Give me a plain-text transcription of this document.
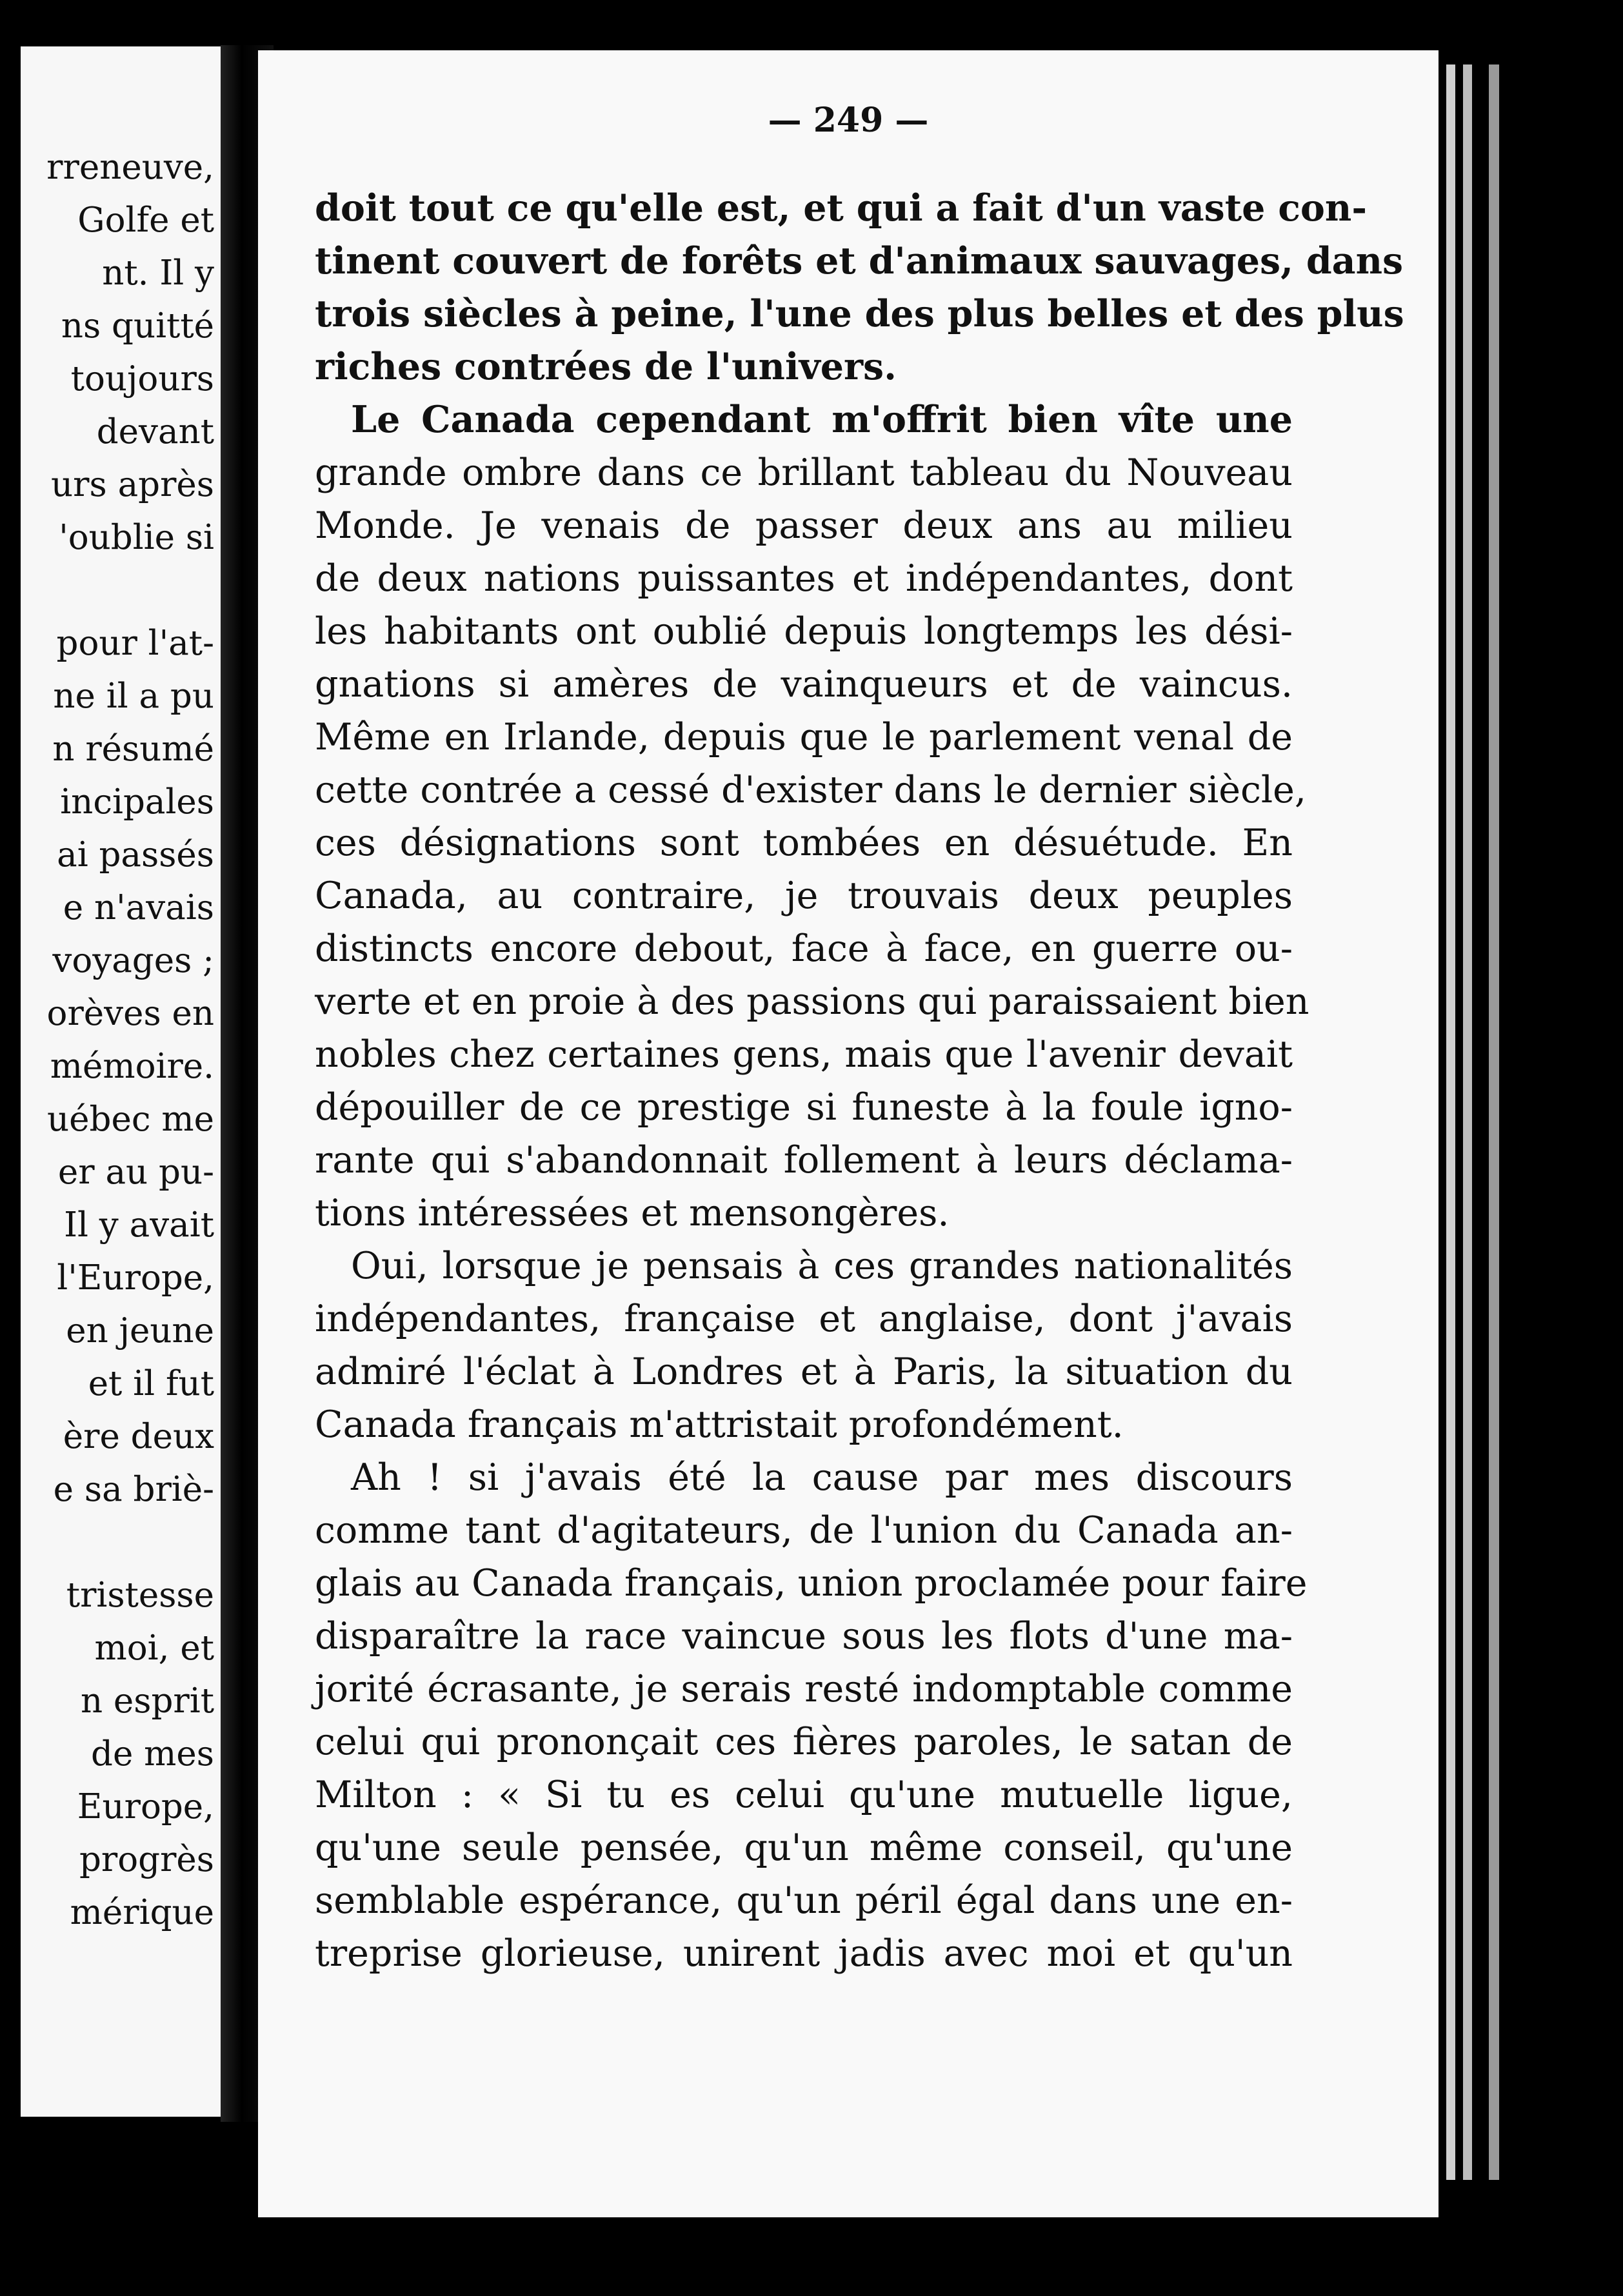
rreneuve,
Golfe et
nt. Il y
ns quitté
toujours
devant
urs après
'oublie si
pour l'at-
ne il a pu
n résumé
incipales
ai passés
e n'avais
voyages ;
orèves en
mémoire.
uébec me
er au pu-
Il y avait
l'Europe,
en jeune
et il fut
ère deux
e sa briè-
tristesse
moi, et
n esprit
de mes
Europe,
progrès
mérique
— 249 —
doit tout ce qu'elle est, et qui a fait d'un vaste con-
tinent couvert de forêts et d'animaux sauvages, dans
trois siècles à peine, l'une des plus belles et des plus
riches contrées de l'univers.
Le Canada cependant m'offrit bien vîte une
grande ombre dans ce brillant tableau du Nouveau
Monde. Je venais de passer deux ans au milieu
de deux nations puissantes et indépendantes, dont
les habitants ont oublié depuis longtemps les dési-
gnations si amères de vainqueurs et de vaincus.
Même en Irlande, depuis que le parlement venal de
cette contrée a cessé d'exister dans le dernier siècle,
ces désignations sont tombées en désuétude. En
Canada, au contraire, je trouvais deux peuples
distincts encore debout, face à face, en guerre ou-
verte et en proie à des passions qui paraissaient bien
nobles chez certaines gens, mais que l'avenir devait
dépouiller de ce prestige si funeste à la foule igno-
rante qui s'abandonnait follement à leurs déclama-
tions intéressées et mensongères.
Oui, lorsque je pensais à ces grandes nationalités
indépendantes, française et anglaise, dont j'avais
admiré l'éclat à Londres et à Paris, la situation du
Canada français m'attristait profondément.
Ah ! si j'avais été la cause par mes discours
comme tant d'agitateurs, de l'union du Canada an-
glais au Canada français, union proclamée pour faire
disparaître la race vaincue sous les flots d'une ma-
jorité écrasante, je serais resté indomptable comme
celui qui prononçait ces fières paroles, le satan de
Milton : « Si tu es celui qu'une mutuelle ligue,
qu'une seule pensée, qu'un même conseil, qu'une
semblable espérance, qu'un péril égal dans une en-
treprise glorieuse, unirent jadis avec moi et qu'un
